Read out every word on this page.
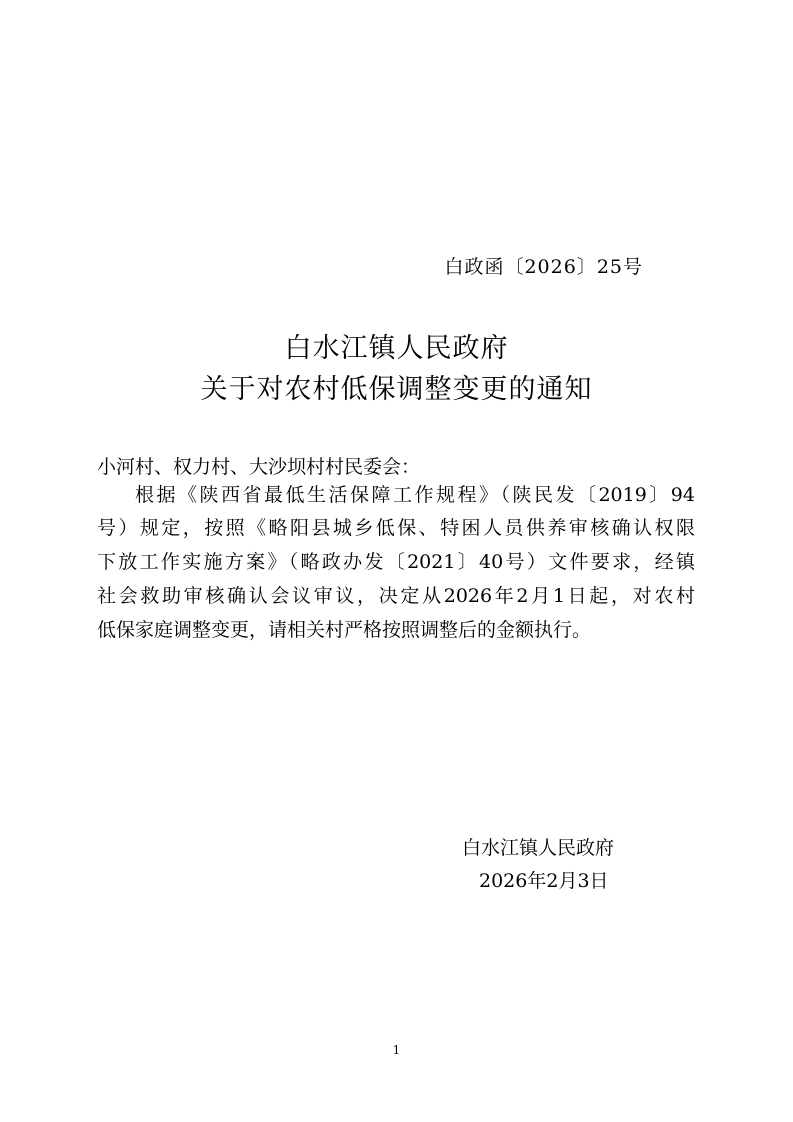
白政函〔2026〕25号
白水江镇人民政府
关于对农村低保调整变更的通知
小河村、权力村、大沙坝村村民委会：
根据《陕西省最低生活保障工作规程》（陕民发〔2019〕94
号）规定，按照《略阳县城乡低保、特困人员供养审核确认权限
下放工作实施方案》（略政办发〔2021〕40号）文件要求，经镇
社会救助审核确认会议审议，决定从2026年2月1日起，对农村
低保家庭调整变更，请相关村严格按照调整后的金额执行。
白水江镇人民政府
2026年2月3日
1
